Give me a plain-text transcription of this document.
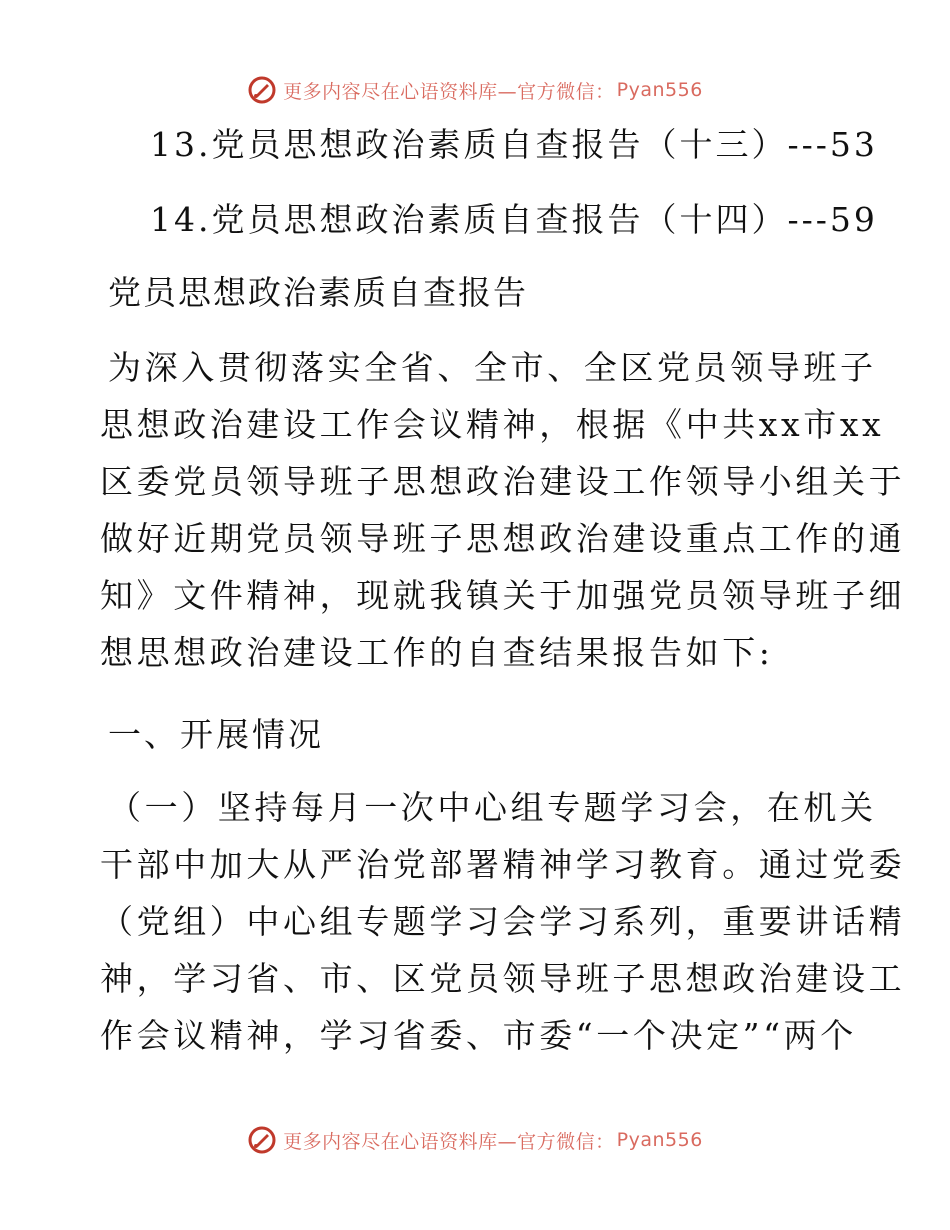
更多内容尽在心语资料库—官方微信： Pyan556
13.党员思想政治素质自查报告（十三）---53
14.党员思想政治素质自查报告（十四）---59
党员思想政治素质自查报告
为深入贯彻落实全省、全市、全区党员领导班子
思想政治建设工作会议精神，根据《中共xx市xx
区委党员领导班子思想政治建设工作领导小组关于
做好近期党员领导班子思想政治建设重点工作的通
知》文件精神，现就我镇关于加强党员领导班子细
想思想政治建设工作的自查结果报告如下:
一、开展情况
（一）坚持每月一次中心组专题学习会，在机关
干部中加大从严治党部署精神学习教育。通过党委
（党组）中心组专题学习会学习系列，重要讲话精
神，学习省、市、区党员领导班子思想政治建设工
作会议精神，学习省委、市委“一个决定”“两个
更多内容尽在心语资料库—官方微信： Pyan556
